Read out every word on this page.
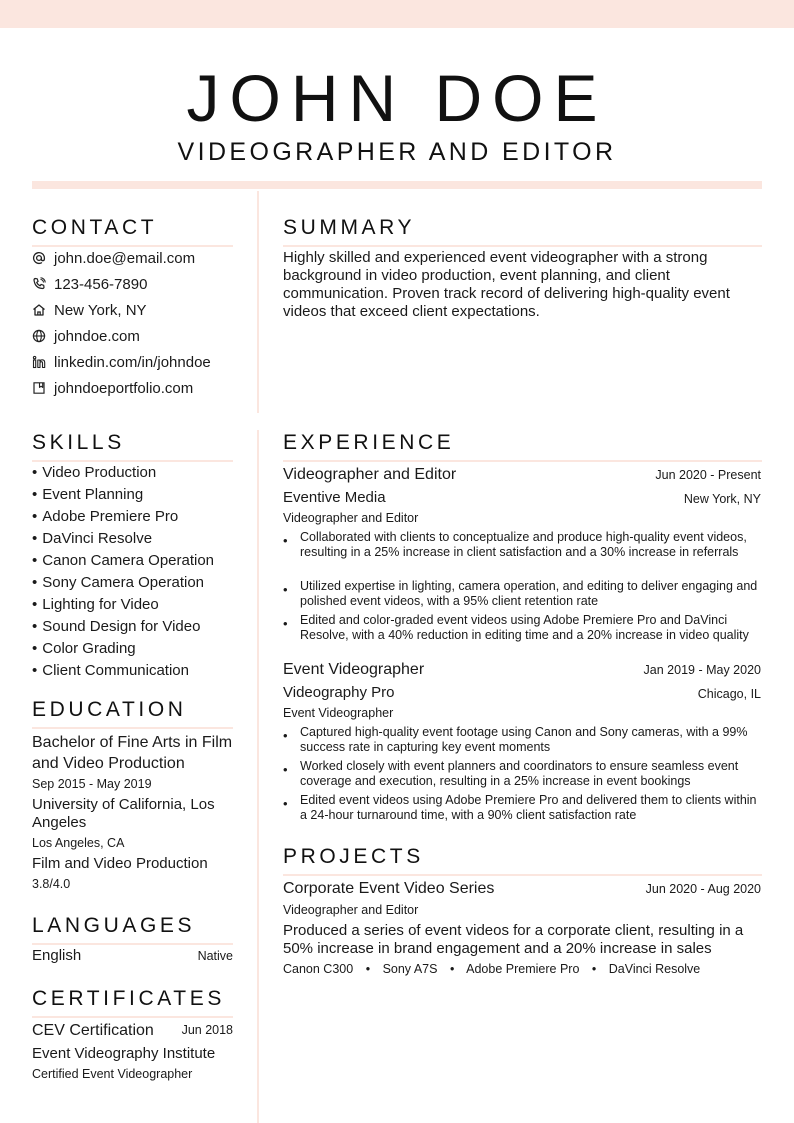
JOHN DOE
VIDEOGRAPHER AND EDITOR
CONTACT
john.doe@email.com
123-456-7890
New York, NY
johndoe.com
linkedin.com/in/johndoe
johndoeportfolio.com
SKILLS
• Video Production
• Event Planning
• Adobe Premiere Pro
• DaVinci Resolve
• Canon Camera Operation
• Sony Camera Operation
• Lighting for Video
• Sound Design for Video
• Color Grading
• Client Communication
EDUCATION
Bachelor of Fine Arts in Film and Video Production
Sep 2015 - May 2019
University of California, Los Angeles
Los Angeles, CA
Film and Video Production
3.8/4.0
LANGUAGES
English	Native
CERTIFICATES
CEV Certification	Jun 2018
Event Videography Institute
Certified Event Videographer
SUMMARY
Highly skilled and experienced event videographer with a strong background in video production, event planning, and client communication. Proven track record of delivering high-quality event videos that exceed client expectations.
EXPERIENCE
Videographer and Editor	Jun 2020 - Present
Eventive Media	New York, NY
Videographer and Editor
• Collaborated with clients to conceptualize and produce high-quality event videos, resulting in a 25% increase in client satisfaction and a 30% increase in referrals
• Utilized expertise in lighting, camera operation, and editing to deliver engaging and polished event videos, with a 95% client retention rate
• Edited and color-graded event videos using Adobe Premiere Pro and DaVinci Resolve, with a 40% reduction in editing time and a 20% increase in video quality
Event Videographer	Jan 2019 - May 2020
Videography Pro	Chicago, IL
Event Videographer
• Captured high-quality event footage using Canon and Sony cameras, with a 99% success rate in capturing key event moments
• Worked closely with event planners and coordinators to ensure seamless event coverage and execution, resulting in a 25% increase in event bookings
• Edited event videos using Adobe Premiere Pro and delivered them to clients within a 24-hour turnaround time, with a 90% client satisfaction rate
PROJECTS
Corporate Event Video Series	Jun 2020 - Aug 2020
Videographer and Editor
Produced a series of event videos for a corporate client, resulting in a 50% increase in brand engagement and a 20% increase in sales
Canon C300 • Sony A7S • Adobe Premiere Pro • DaVinci Resolve
